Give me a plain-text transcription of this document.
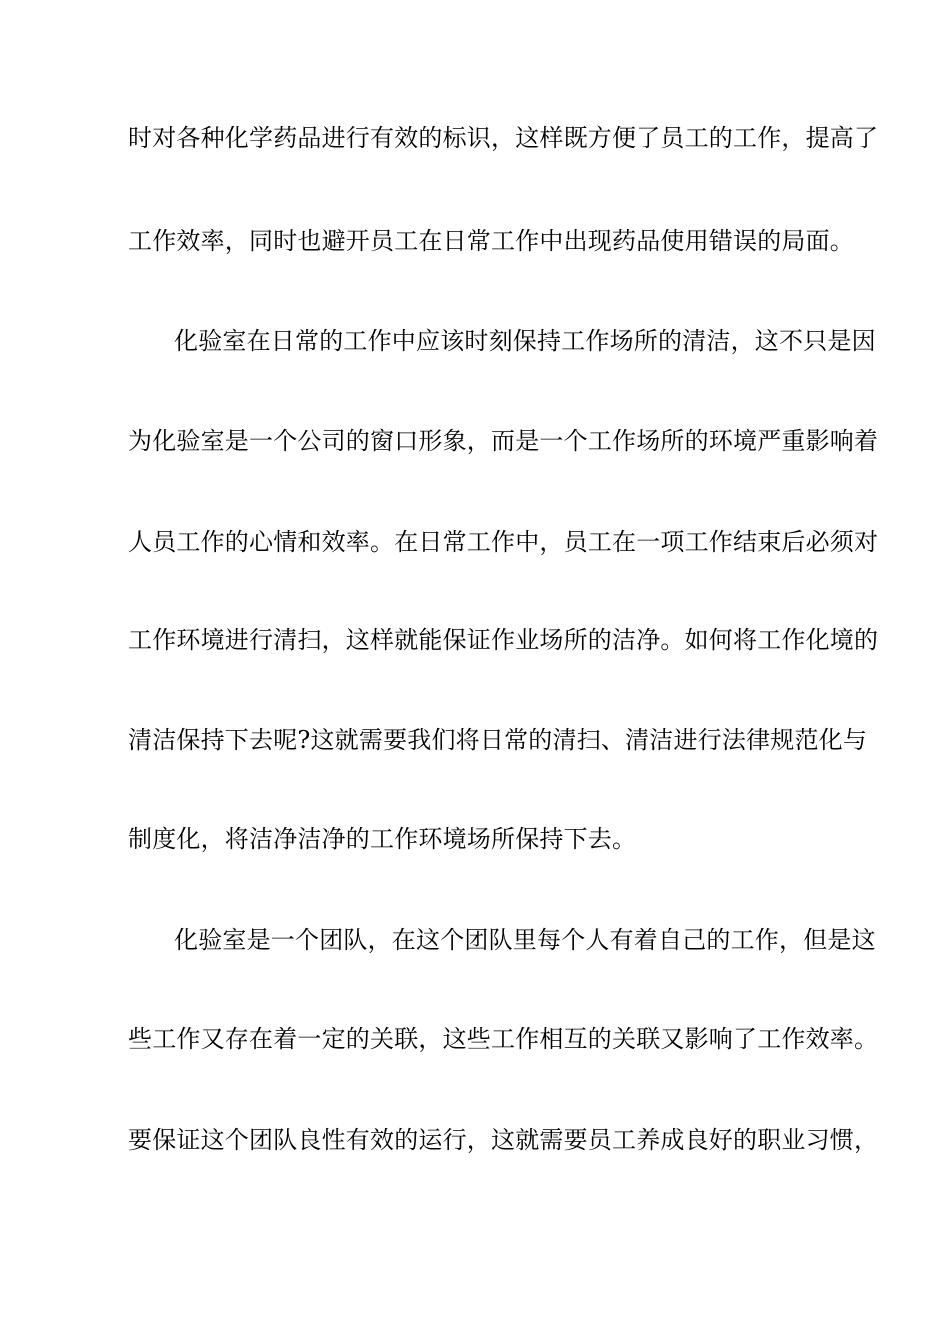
时对各种化学药品进行有效的标识，这样既方便了员工的工作，提高了
工作效率，同时也避开员工在日常工作中出现药品使用错误的局面。
化验室在日常的工作中应该时刻保持工作场所的清洁，这不只是因
为化验室是一个公司的窗口形象，而是一个工作场所的环境严重影响着
人员工作的心情和效率。在日常工作中，员工在一项工作结束后必须对
工作环境进行清扫，这样就能保证作业场所的洁净。如何将工作化境的
清洁保持下去呢?这就需要我们将日常的清扫、清洁进行法律规范化与
制度化，将洁净洁净的工作环境场所保持下去。
化验室是一个团队，在这个团队里每个人有着自己的工作，但是这
些工作又存在着一定的关联，这些工作相互的关联又影响了工作效率。
要保证这个团队良性有效的运行，这就需要员工养成良好的职业习惯，
